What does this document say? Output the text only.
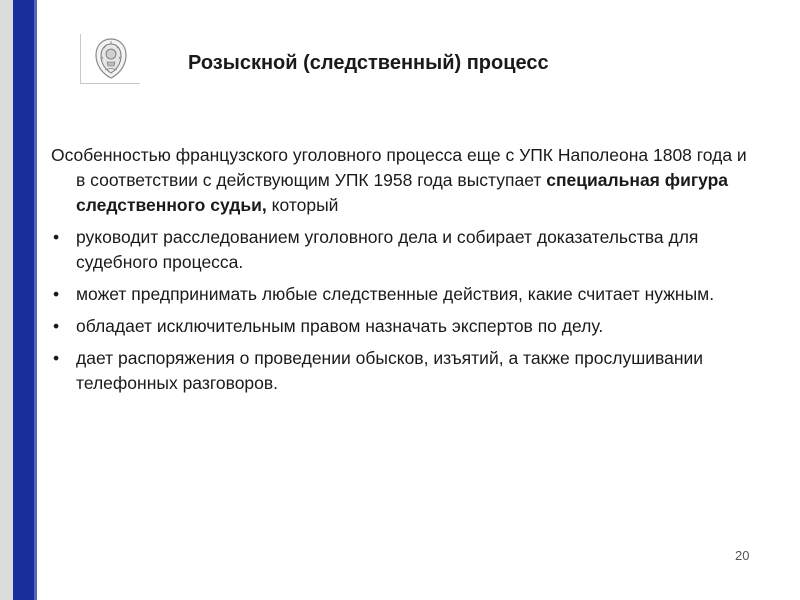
Розыскной (следственный) процесс

Особенностью французского уголовного процесса еще с УПК Наполеона 1808 года и в соответствии с действующим УПК 1958 года выступает специальная фигура следственного судьи, который

• руководит расследованием уголовного дела и собирает доказательства для судебного процесса.
• может предпринимать любые следственные действия, какие считает нужным.
• обладает исключительным правом назначать экспертов по делу.
• дает распоряжения о проведении обысков, изъятий, а также прослушивании телефонных разговоров.
20
